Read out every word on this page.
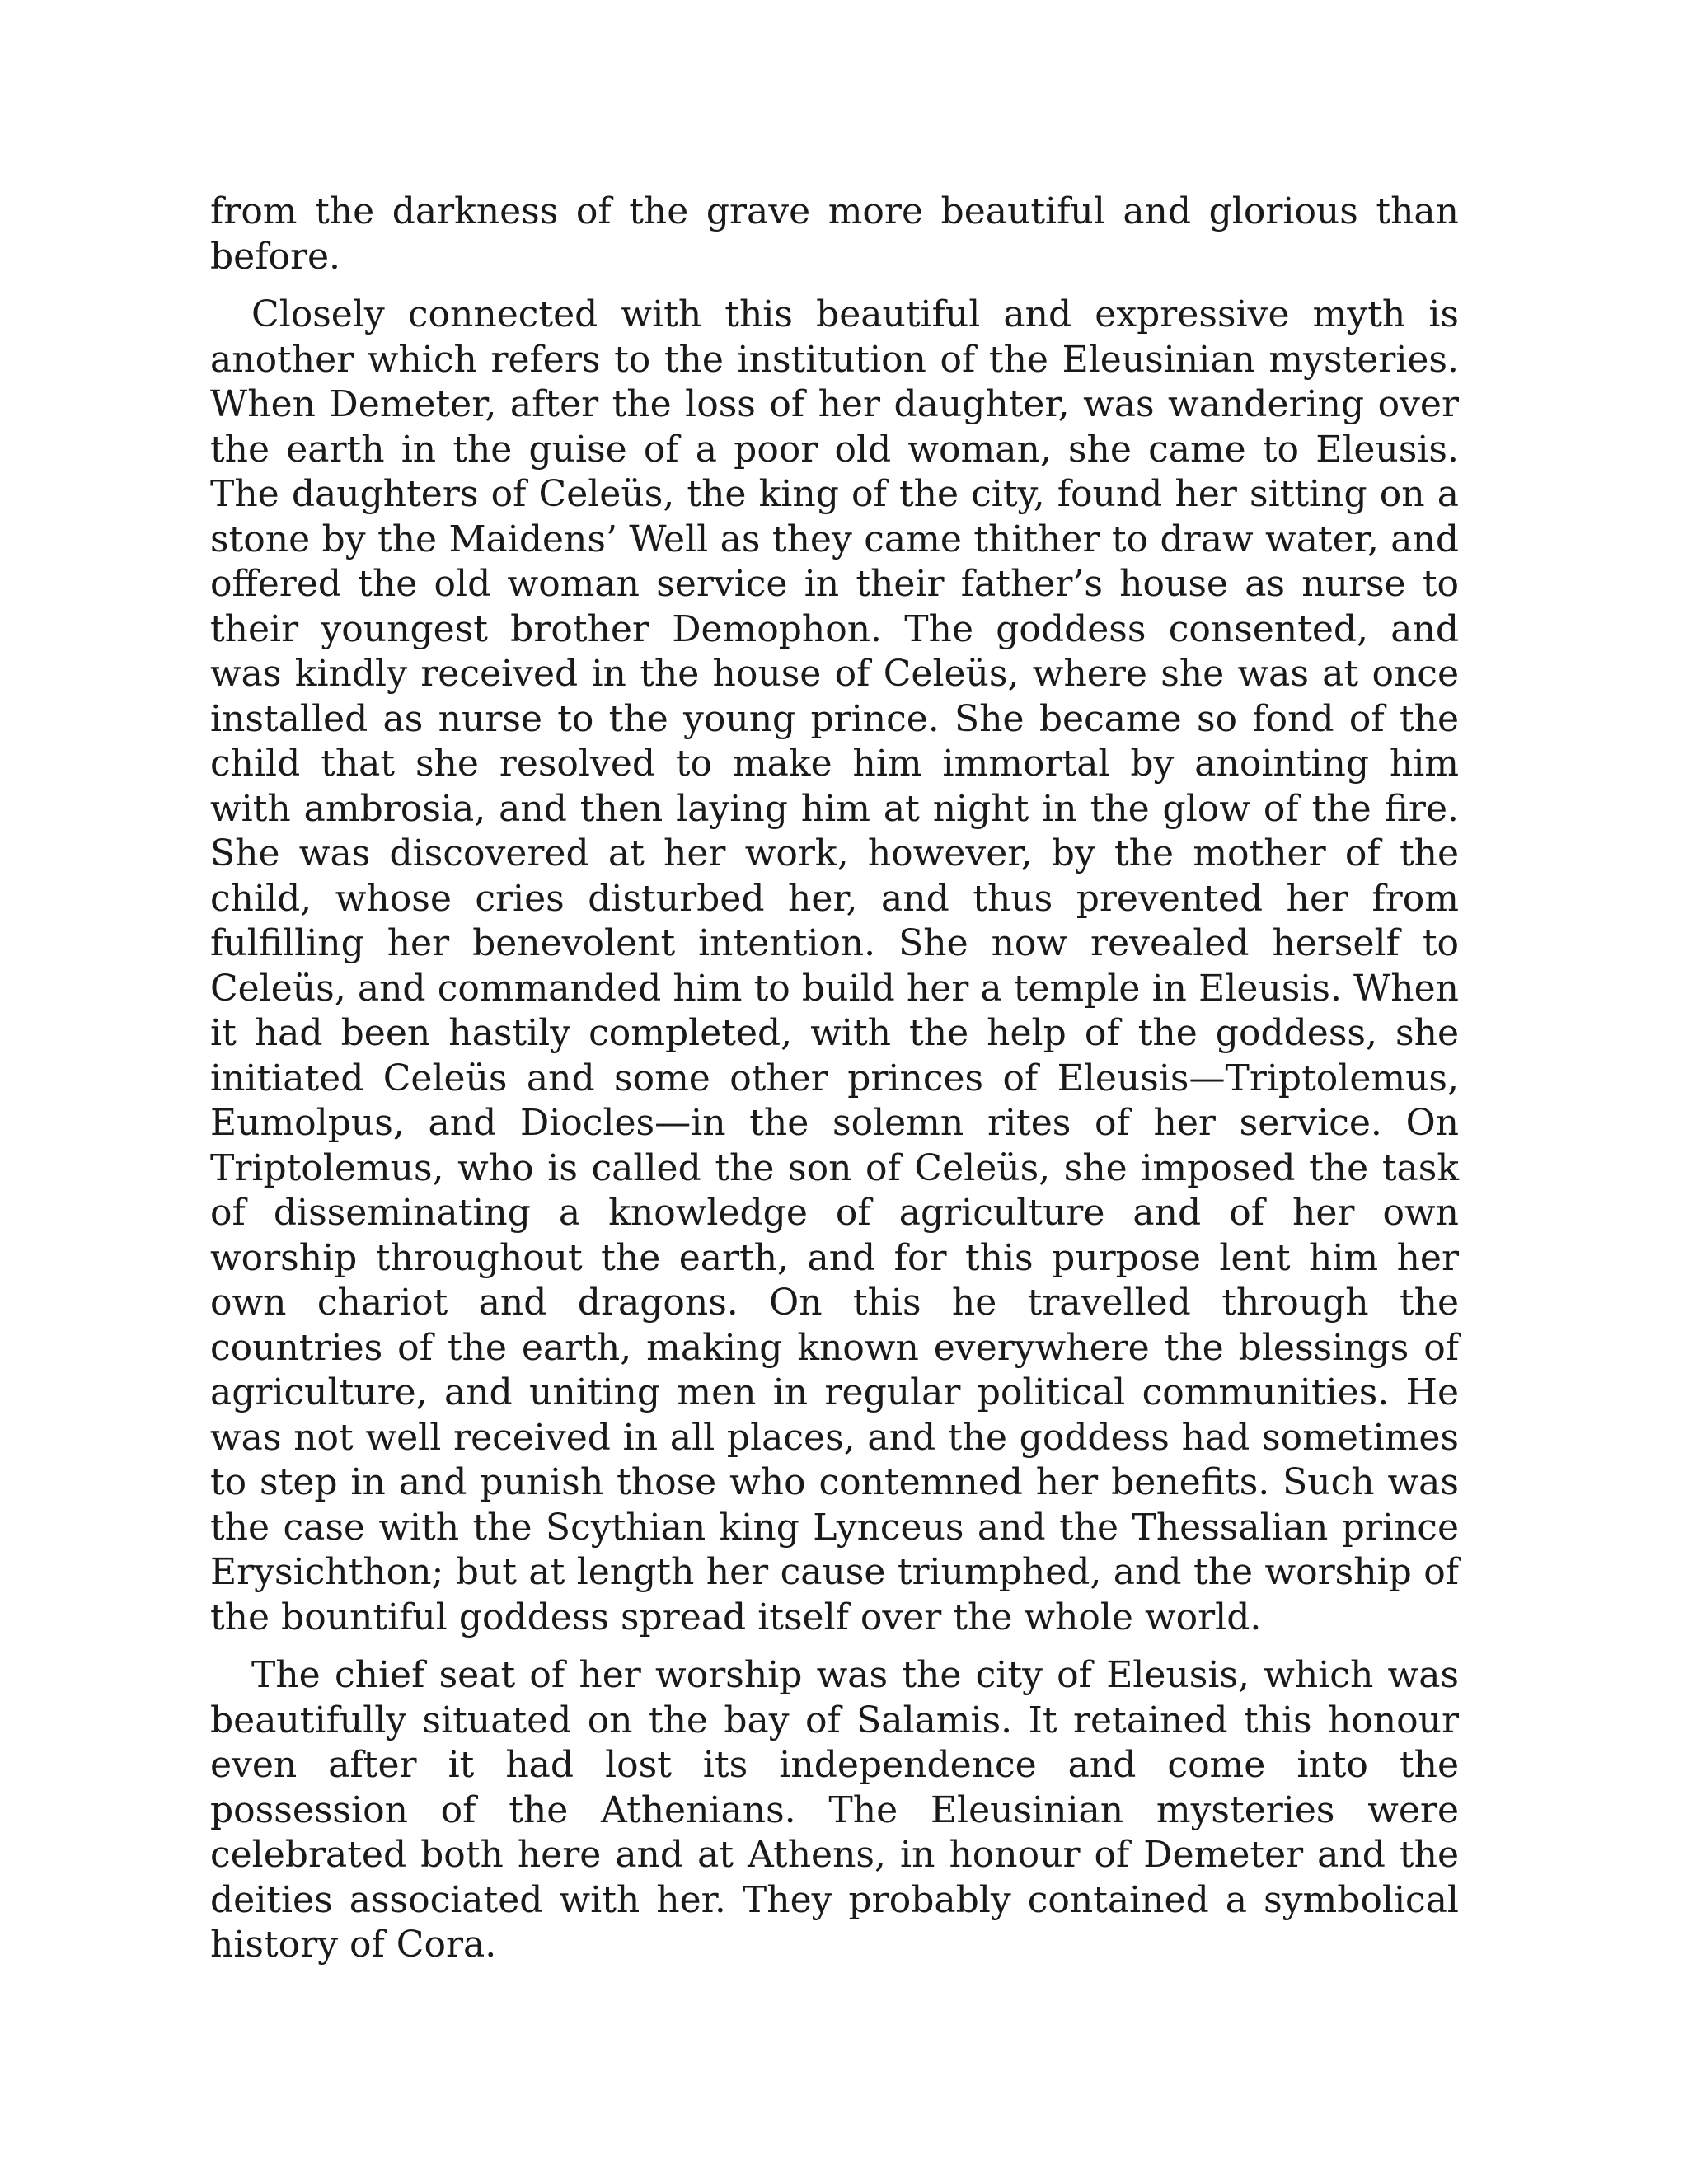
from the darkness of the grave more beautiful and glorious than before.

Closely connected with this beautiful and expressive myth is another which refers to the institution of the Eleusinian mysteries. When Demeter, after the loss of her daughter, was wandering over the earth in the guise of a poor old woman, she came to Eleusis. The daughters of Celeüs, the king of the city, found her sitting on a stone by the Maidens’ Well as they came thither to draw water, and offered the old woman service in their father’s house as nurse to their youngest brother Demophon. The goddess consented, and was kindly received in the house of Celeüs, where she was at once installed as nurse to the young prince. She became so fond of the child that she resolved to make him immortal by anointing him with ambrosia, and then laying him at night in the glow of the fire. She was discovered at her work, however, by the mother of the child, whose cries disturbed her, and thus prevented her from fulfilling her benevolent intention. She now revealed herself to Celeüs, and commanded him to build her a temple in Eleusis. When it had been hastily completed, with the help of the goddess, she initiated Celeüs and some other princes of Eleusis—Triptolemus, Eumolpus, and Diocles—in the solemn rites of her service. On Triptolemus, who is called the son of Celeüs, she imposed the task of disseminating a knowledge of agriculture and of her own worship throughout the earth, and for this purpose lent him her own chariot and dragons. On this he travelled through the countries of the earth, making known everywhere the blessings of agriculture, and uniting men in regular political communities. He was not well received in all places, and the goddess had sometimes to step in and punish those who contemned her benefits. Such was the case with the Scythian king Lynceus and the Thessalian prince Erysichthon; but at length her cause triumphed, and the worship of the bountiful goddess spread itself over the whole world.

The chief seat of her worship was the city of Eleusis, which was beautifully situated on the bay of Salamis. It retained this honour even after it had lost its independence and come into the possession of the Athenians. The Eleusinian mysteries were celebrated both here and at Athens, in honour of Demeter and the deities associated with her. They probably contained a symbolical history of Cora.
